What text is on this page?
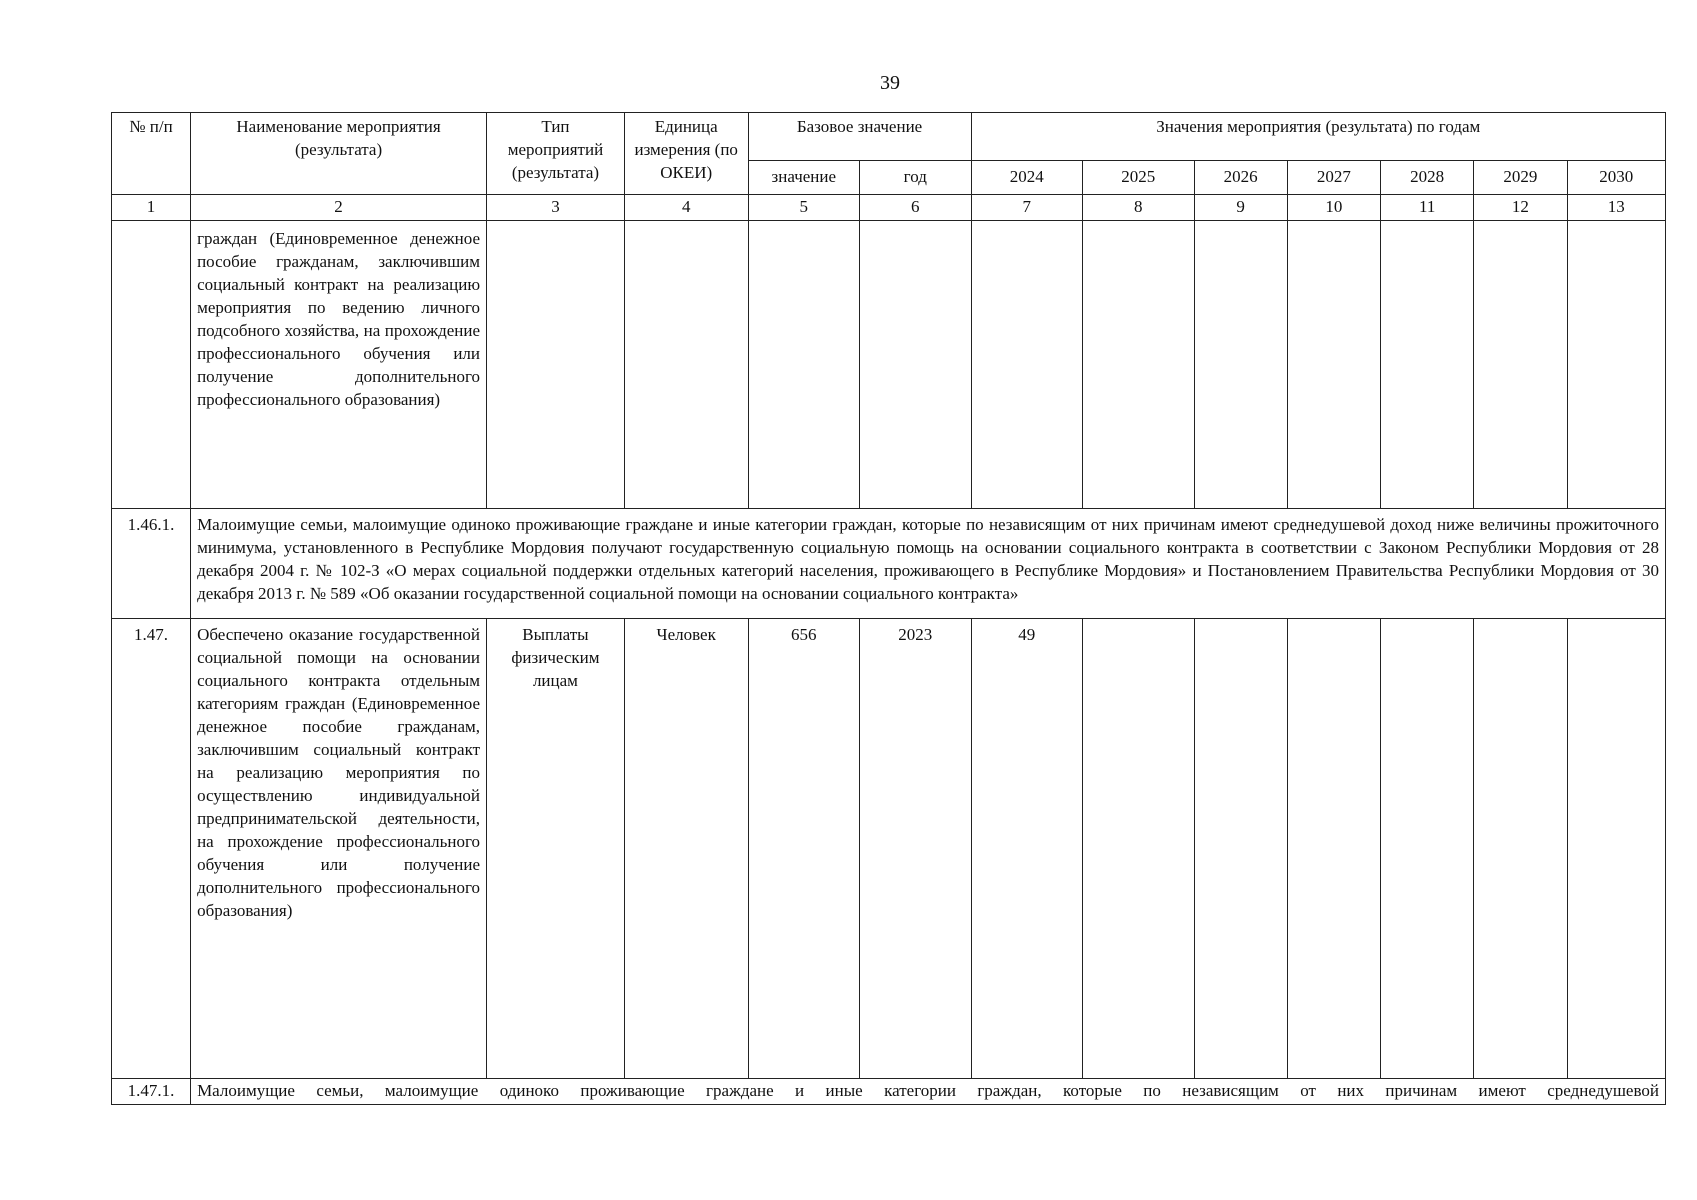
39
№ п/п	Наименование мероприятия (результата)	Тип мероприятий (результата)	Единица измерения (по ОКЕИ)	Базовое значение		Значения мероприятия (результата) по годам						
				значение	год	2024	2025	2026	2027	2028	2029	2030
1	2	3	4	5	6	7	8	9	10	11	12	13
	граждан (Единовременное денежное пособие гражданам, заключившим социальный контракт на реализацию мероприятия по ведению личного подсобного хозяйства, на прохождение профессионального обучения или получение дополнительного профессионального образования)											
1.46.1.	Малоимущие семьи, малоимущие одиноко проживающие граждане и иные категории граждан, которые по независящим от них причинам имеют среднедушевой доход ниже величины прожиточного минимума, установленного в Республике Мордовия получают государственную социальную помощь на основании социального контракта в соответствии с Законом Республики Мордовия от 28 декабря 2004 г. № 102-З «О мерах социальной поддержки отдельных категорий населения, проживающего в Республике Мордовия» и Постановлением Правительства Республики Мордовия от 30 декабря 2013 г. № 589 «Об оказании государственной социальной помощи на основании социального контракта»											
1.47.	Обеспечено оказание государственной социальной помощи на основании социального контракта отдельным категориям граждан (Единовременное денежное пособие гражданам, заключившим социальный контракт на реализацию мероприятия по осуществлению индивидуальной предпринимательской деятельности, на прохождение профессионального обучения или получение дополнительного профессионального образования)	Выплаты физическим лицам	Человек	656	2023	49						
1.47.1.	Малоимущие семьи, малоимущие одиноко проживающие граждане и иные категории граждан, которые по независящим от них причинам имеют среднедушевой											
